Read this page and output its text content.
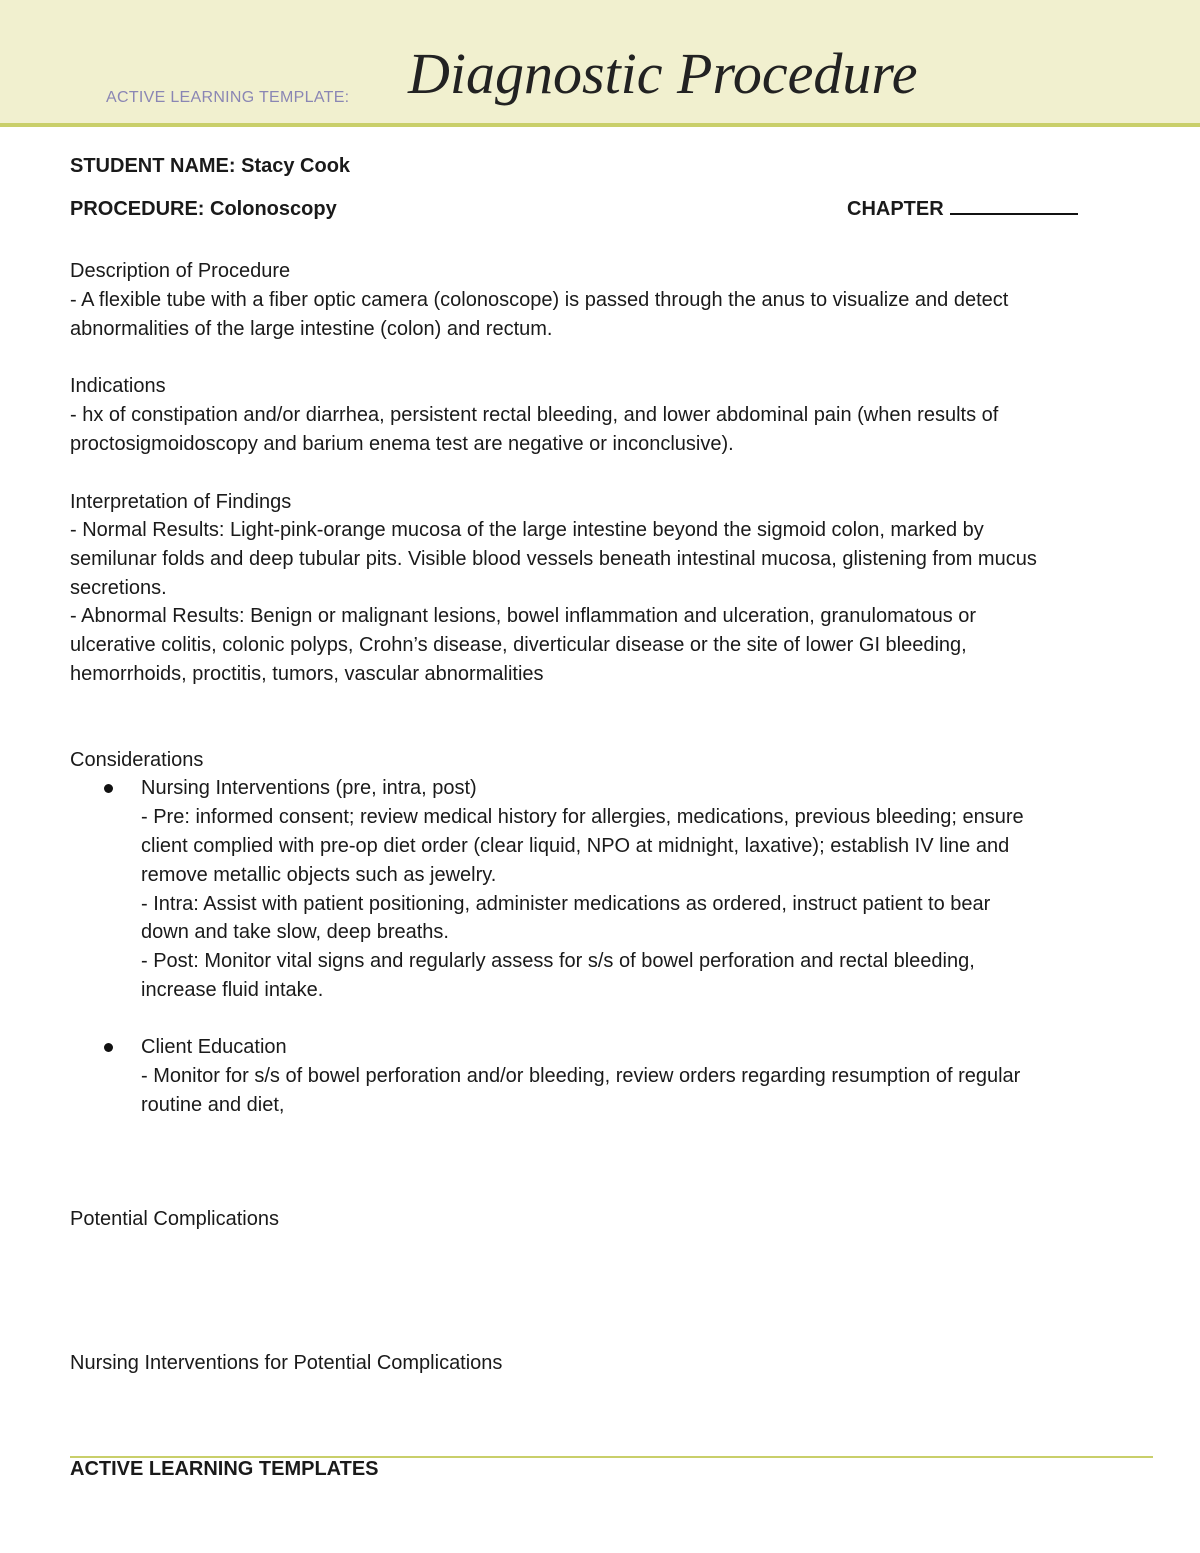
ACTIVE LEARNING TEMPLATE: Diagnostic Procedure
STUDENT NAME: Stacy Cook
PROCEDURE: Colonoscopy	CHAPTER
Description of Procedure
- A flexible tube with a fiber optic camera (colonoscope) is passed through the anus to visualize and detect
abnormalities of the large intestine (colon) and rectum.
Indications
- hx of constipation and/or diarrhea, persistent rectal bleeding, and lower abdominal pain (when results of
proctosigmoidoscopy and barium enema test are negative or inconclusive).
Interpretation of Findings
- Normal Results: Light-pink-orange mucosa of the large intestine beyond the sigmoid colon, marked by
semilunar folds and deep tubular pits. Visible blood vessels beneath intestinal mucosa, glistening from mucus
secretions.
- Abnormal Results: Benign or malignant lesions, bowel inflammation and ulceration, granulomatous or
ulcerative colitis, colonic polyps, Crohn’s disease, diverticular disease or the site of lower GI bleeding,
hemorrhoids, proctitis, tumors, vascular abnormalities
Considerations
Nursing Interventions (pre, intra, post)
- Pre: informed consent; review medical history for allergies, medications, previous bleeding; ensure
client complied with pre-op diet order (clear liquid, NPO at midnight, laxative); establish IV line and
remove metallic objects such as jewelry.
- Intra: Assist with patient positioning, administer medications as ordered, instruct patient to bear
down and take slow, deep breaths.
- Post: Monitor vital signs and regularly assess for s/s of bowel perforation and rectal bleeding,
increase fluid intake.
Client Education
- Monitor for s/s of bowel perforation and/or bleeding, review orders regarding resumption of regular
routine and diet,
Potential Complications
Nursing Interventions for Potential Complications
ACTIVE LEARNING TEMPLATES
